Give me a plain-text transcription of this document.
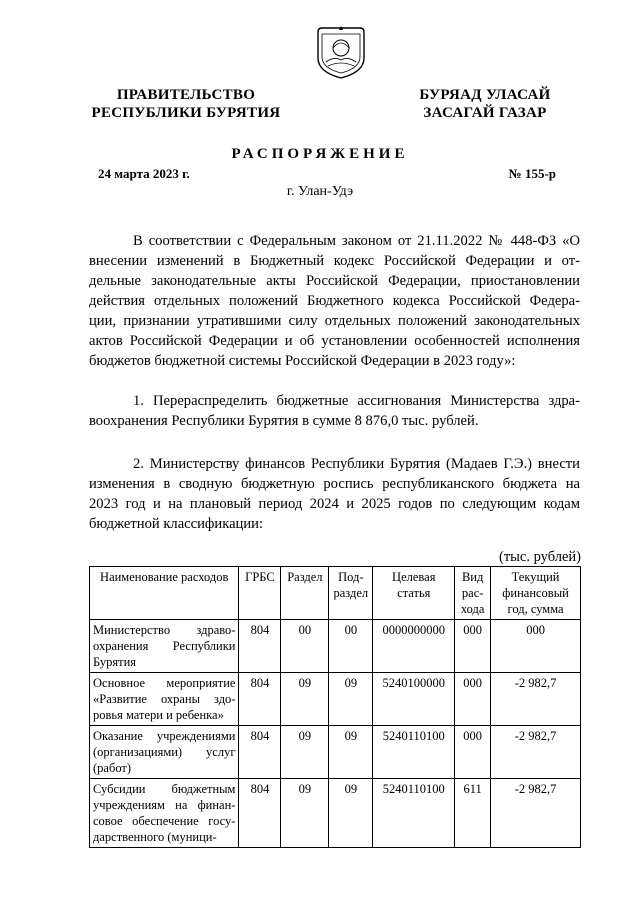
ПРАВИТЕЛЬСТВО
РЕСПУБЛИКИ БУРЯТИЯ
БУРЯАД УЛАСАЙ
ЗАСАГАЙ ГАЗАР
РАСПОРЯЖЕНИЕ
24 марта 2023 г.	№ 155-р
г. Улан-Удэ
В соответствии с Федеральным законом от 21.11.2022 № 448-ФЗ «О
внесении изменений в Бюджетный кодекс Российской Федерации и от-
дельные законодательные акты Российской Федерации, приостановлении
действия отдельных положений Бюджетного кодекса Российской Федера-
ции, признании утратившими силу отдельных положений законодательных
актов Российской Федерации и об установлении особенностей исполнения
бюджетов бюджетной системы Российской Федерации в 2023 году»:
1. Перераспределить бюджетные ассигнования Министерства здра-
воохранения Республики Бурятия в сумме 8 876,0 тыс. рублей.
2. Министерству финансов Республики Бурятия (Мадаев Г.Э.) внести
изменения в сводную бюджетную роспись республиканского бюджета на
2023 год и на плановый период 2024 и 2025 годов по следующим кодам
бюджетной классификации:
(тыс. рублей)
Наименование расходов	ГРБС	Раздел	Под-раздел	Целевая статья	Вид рас-хода	Текущий финансовый год, сумма
Министерство здраво-охранения Республики Бурятия	804	00	00	0000000000	000	000
Основное мероприятие «Развитие охраны здо-ровья матери и ребенка»	804	09	09	5240100000	000	-2 982,7
Оказание учреждениями (организациями) услуг (работ)	804	09	09	5240110100	000	-2 982,7
Субсидии бюджетным учреждениям на финан-совое обеспечение госу-дарственного (муници-	804	09	09	5240110100	611	-2 982,7
